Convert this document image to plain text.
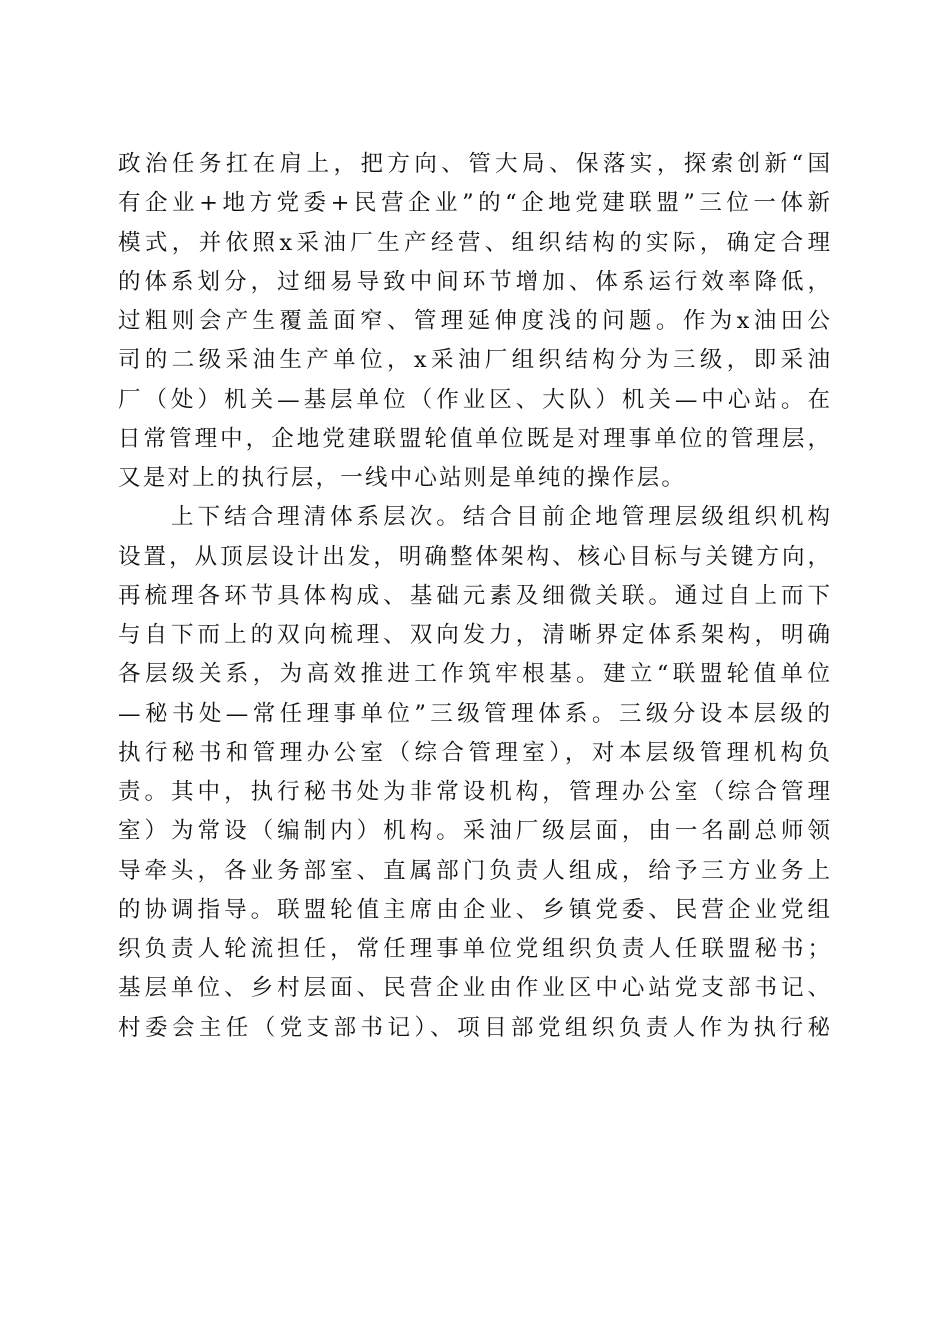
政治任务扛在肩上，把方向、管大局、保落实，探索创新“国
有企业+地方党委+民营企业”的“企地党建联盟”三位一体新
模式，并依照x采油厂生产经营、组织结构的实际，确定合理
的体系划分，过细易导致中间环节增加、体系运行效率降低，
过粗则会产生覆盖面窄、管理延伸度浅的问题。作为x油田公
司的二级采油生产单位，x采油厂组织结构分为三级，即采油
厂（处）机关—基层单位（作业区、大队）机关—中心站。在
日常管理中，企地党建联盟轮值单位既是对理事单位的管理层，
又是对上的执行层，一线中心站则是单纯的操作层。
　　上下结合理清体系层次。结合目前企地管理层级组织机构
设置，从顶层设计出发，明确整体架构、核心目标与关键方向，
再梳理各环节具体构成、基础元素及细微关联。通过自上而下
与自下而上的双向梳理、双向发力，清晰界定体系架构，明确
各层级关系，为高效推进工作筑牢根基。建立“联盟轮值单位
—秘书处—常任理事单位”三级管理体系。三级分设本层级的
执行秘书和管理办公室（综合管理室），对本层级管理机构负
责。其中，执行秘书处为非常设机构，管理办公室（综合管理
室）为常设（编制内）机构。采油厂级层面，由一名副总师领
导牵头，各业务部室、直属部门负责人组成，给予三方业务上
的协调指导。联盟轮值主席由企业、乡镇党委、民营企业党组
织负责人轮流担任，常任理事单位党组织负责人任联盟秘书；
基层单位、乡村层面、民营企业由作业区中心站党支部书记、
村委会主任（党支部书记）、项目部党组织负责人作为执行秘
